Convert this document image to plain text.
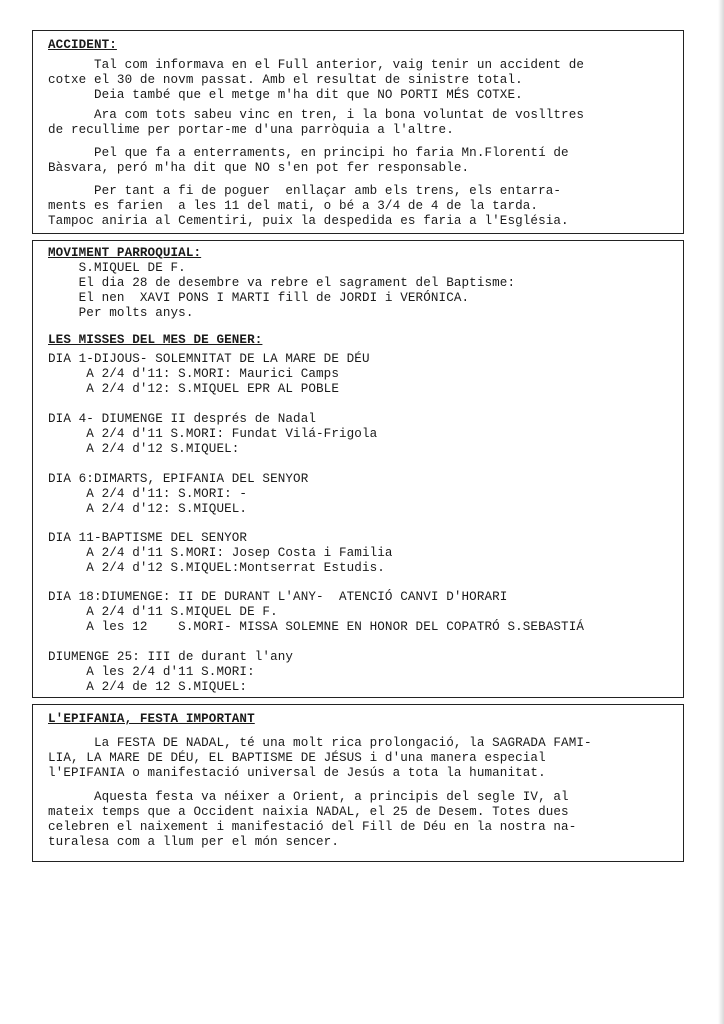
ACCIDENT:
Tal com informava en el Full anterior, vaig tenir un accident de
cotxe el 30 de novm passat. Amb el resultat de sinistre total.
Deia també que el metge m'ha dit que NO PORTI MÉS COTXE.
Ara com tots sabeu vinc en tren, i la bona voluntat de voslltres
de recullime per portar-me d'una parròquia a l'altre.
Pel que fa a enterraments, en principi ho faria Mn.Florentí de
Bàsvara, peró m'ha dit que NO s'en pot fer responsable.
Per tant a fi de poguer  enllaçar amb els trens, els entarra-
ments es farien  a les 11 del mati, o bé a 3/4 de 4 de la tarda.
Tampoc aniria al Cementiri, puix la despedida es faria a l'Església.
MOVIMENT PARROQUIAL:
S.MIQUEL DE F.
El dia 28 de desembre va rebre el sagrament del Baptisme:
El nen  XAVI PONS I MARTI fill de JORDI i VERÓNICA.
Per molts anys.
LES MISSES DEL MES DE GENER:
DIA 1-DIJOUS- SOLEMNITAT DE LA MARE DE DÉU
A 2/4 d'11: S.MORI: Maurici Camps
A 2/4 d'12: S.MIQUEL EPR AL POBLE
DIA 4- DIUMENGE II després de Nadal
A 2/4 d'11 S.MORI: Fundat Vilá-Frigola
A 2/4 d'12 S.MIQUEL:
DIA 6:DIMARTS, EPIFANIA DEL SENYOR
A 2/4 d'11: S.MORI: -
A 2/4 d'12: S.MIQUEL.
DIA 11-BAPTISME DEL SENYOR
A 2/4 d'11 S.MORI: Josep Costa i Familia
A 2/4 d'12 S.MIQUEL:Montserrat Estudis.
DIA 18:DIUMENGE: II DE DURANT L'ANY-  ATENCIÓ CANVI D'HORARI
A 2/4 d'11 S.MIQUEL DE F.
A les 12    S.MORI- MISSA SOLEMNE EN HONOR DEL COPATRÓ S.SEBASTIÁ
DIUMENGE 25: III de durant l'any
A les 2/4 d'11 S.MORI:
A 2/4 de 12 S.MIQUEL:
L'EPIFANIA, FESTA IMPORTANT
La FESTA DE NADAL, té una molt rica prolongació, la SAGRADA FAMI-
LIA, LA MARE DE DÉU, EL BAPTISME DE JÉSUS i d'una manera especial
l'EPIFANIA o manifestació universal de Jesús a tota la humanitat.
Aquesta festa va néixer a Orient, a principis del segle IV, al
mateix temps que a Occident naixia NADAL, el 25 de Desem. Totes dues
celebren el naixement i manifestació del Fill de Déu en la nostra na-
turalesa com a llum per el món sencer.
